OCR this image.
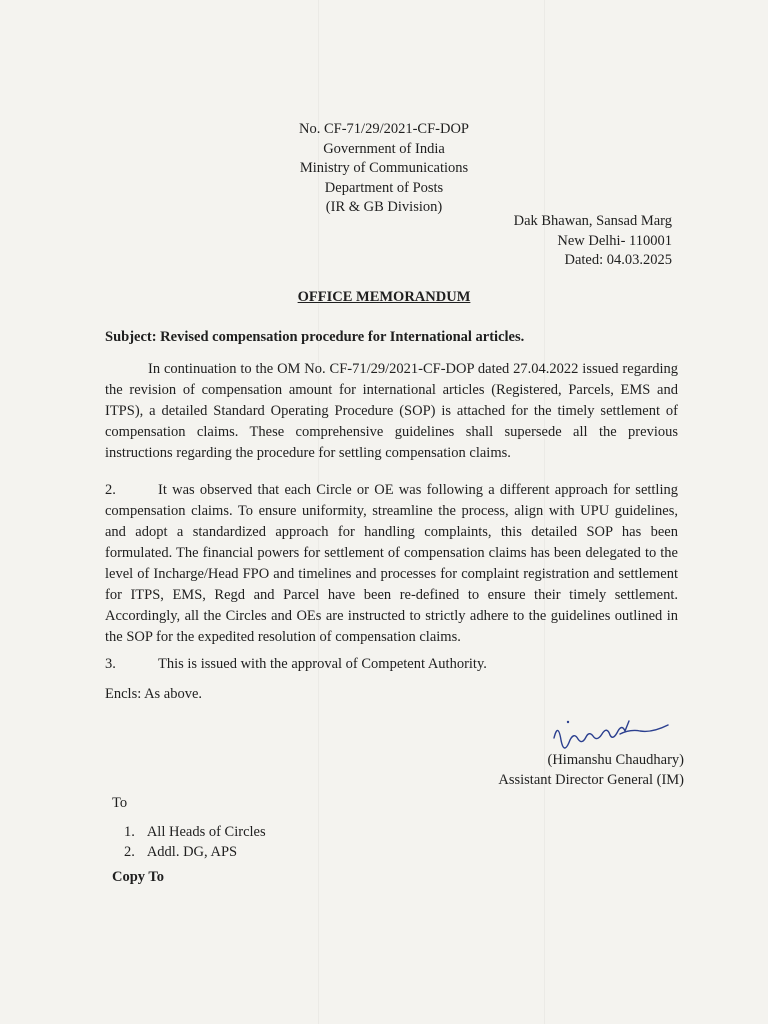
No. CF-71/29/2021-CF-DOP
Government of India
Ministry of Communications
Department of Posts
(IR & GB Division)
Dak Bhawan, Sansad Marg
New Delhi- 110001
Dated: 04.03.2025
OFFICE MEMORANDUM
Subject: Revised compensation procedure for International articles.

In continuation to the OM No. CF-71/29/2021-CF-DOP dated 27.04.2022 issued regarding the revision of compensation amount for international articles (Registered, Parcels, EMS and ITPS), a detailed Standard Operating Procedure (SOP) is attached for the timely settlement of compensation claims. These comprehensive guidelines shall supersede all the previous instructions regarding the procedure for settling compensation claims.

2.	It was observed that each Circle or OE was following a different approach for settling compensation claims. To ensure uniformity, streamline the process, align with UPU guidelines, and adopt a standardized approach for handling complaints, this detailed SOP has been formulated. The financial powers for settlement of compensation claims has been delegated to the level of Incharge/Head FPO and timelines and processes for complaint registration and settlement for ITPS, EMS, Regd and Parcel have been re-defined to ensure their timely settlement. Accordingly, all the Circles and OEs are instructed to strictly adhere to the guidelines outlined in the SOP for the expedited resolution of compensation claims.

3.	This is issued with the approval of Competent Authority.

Encls: As above.
(Himanshu Chaudhary)
Assistant Director General (IM)
To
1. All Heads of Circles
2. Addl. DG, APS
Copy To
